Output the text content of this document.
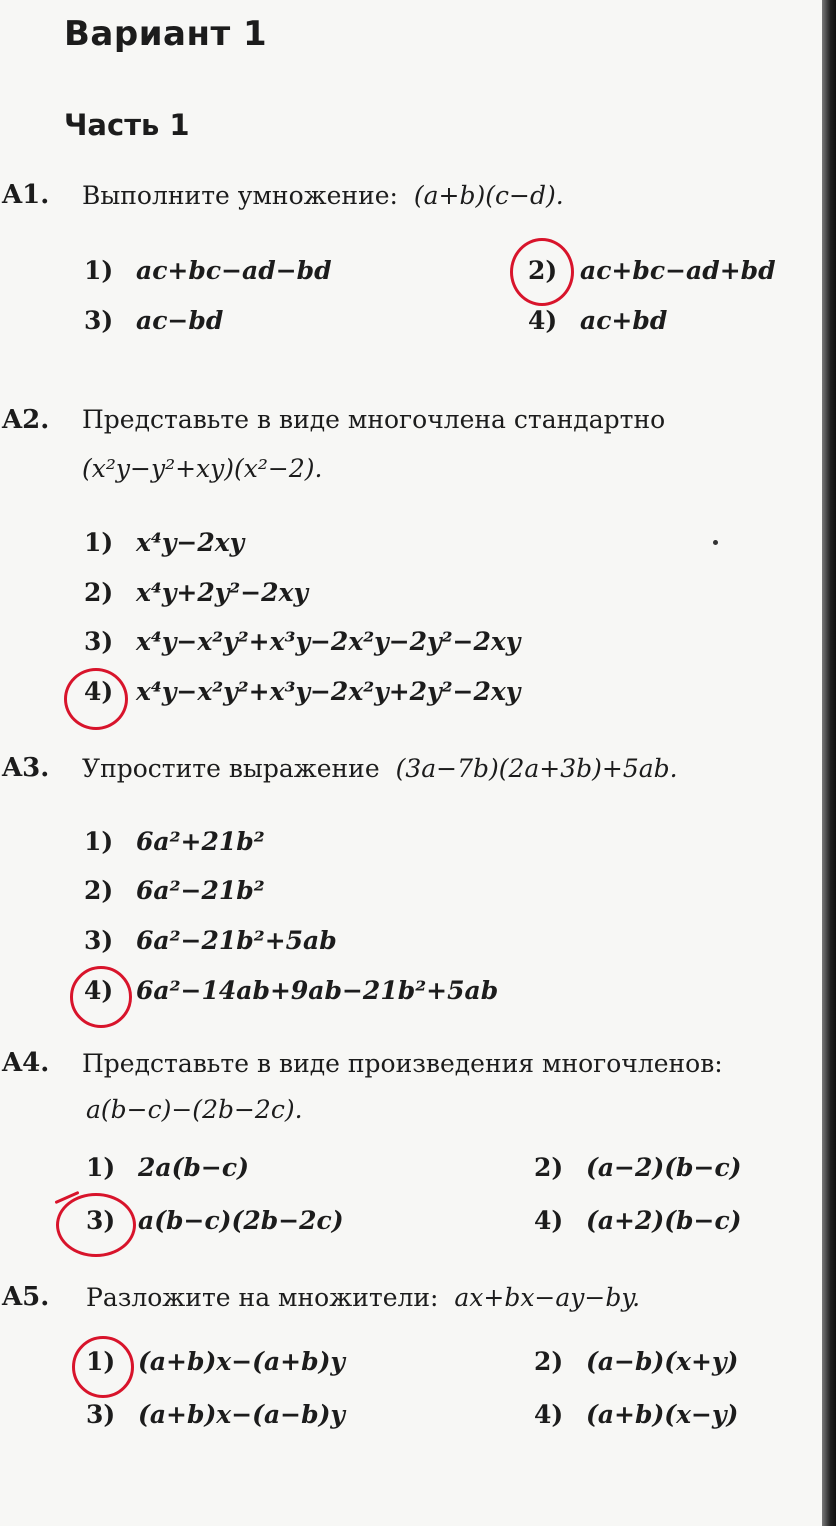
Вариант 1
Часть 1
A1. Выполните умножение: (a+b)(c−d).
1) ac+bc−ad−bd	2) ac+bc−ad+bd
3) ac−bd	4) ac+bd
A2. Представьте в виде многочлена стандартно
(x²y−y²+xy)(x²−2).
1) x⁴y−2xy
2) x⁴y+2y²−2xy
3) x⁴y−x²y²+x³y−2x²y−2y²−2xy
4) x⁴y−x²y²+x³y−2x²y+2y²−2xy
A3. Упростите выражение (3a−7b)(2a+3b)+5ab.
1) 6a²+21b²
2) 6a²−21b²
3) 6a²−21b²+5ab
4) 6a²−14ab+9ab−21b²+5ab
A4. Представьте в виде произведения многочленов:
a(b−c)−(2b−2c).
1) 2a(b−c)	2) (a−2)(b−c)
3) a(b−c)(2b−2c)	4) (a+2)(b−c)
A5. Разложите на множители: ax+bx−ay−by.
1) (a+b)x−(a+b)y	2) (a−b)(x+y)
3) (a+b)x−(a−b)y	4) (a+b)(x−y)
